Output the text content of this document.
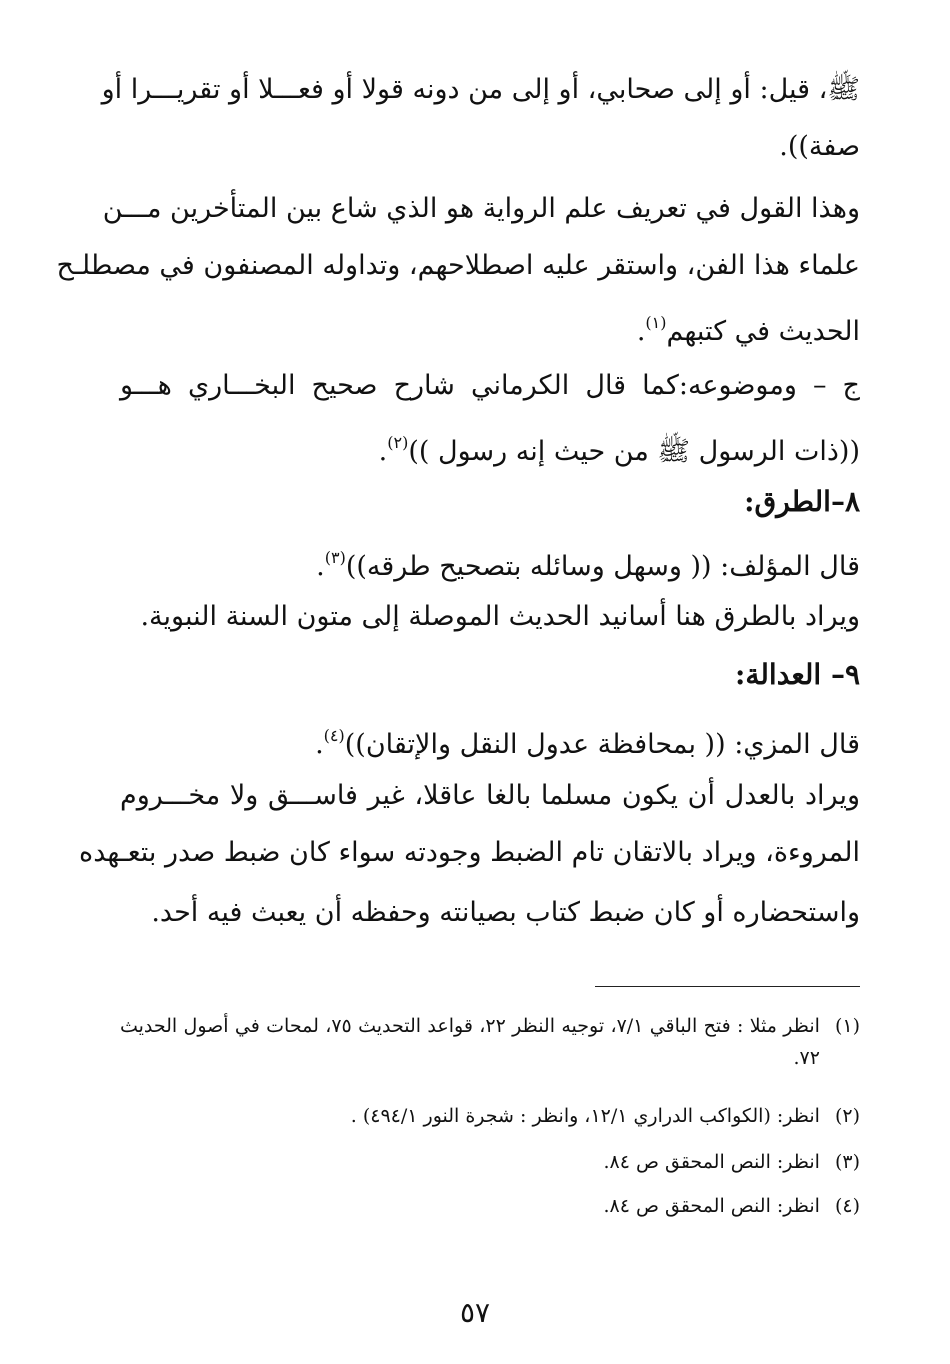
ﷺ، قيل: أو إلى صحابي، أو إلى من دونه قولا أو فعـــلا أو تقريـــرا أو
صفة)).
وهذا القول في تعريف علم الرواية هو الذي شاع بين المتأخرين مـــن
علماء هذا الفن، واستقر عليه اصطلاحهم، وتداوله المصنفون في مصطلـح
الحديث في كتبهم$^{(١)}$.
ج – وموضوعه:كما قال الكرماني شارح صحيح البخـــاري هـــو
((ذات الرسول ﷺ من حيث إنه رسول ))$^{(٢)}$.
٨–الطرق:
قال المؤلف: (( وسهل وسائله بتصحيح طرقه))$^{(٣)}$.
ويراد بالطرق هنا أسانيد الحديث الموصلة إلى متون السنة النبوية.
٩– العدالة:
قال المزي: (( بمحافظة عدول النقل والإتقان))$^{(٤)}$.
ويراد بالعدل أن يكون مسلما بالغا عاقلا، غير فاســـق ولا مخـــروم
المروءة، ويراد بالاتقان تام الضبط وجودته سواء كان ضبط صدر بتعـهده
واستحضاره أو كان ضبط كتاب بصيانته وحفظه أن يعبث فيه أحد.
(١) انظر مثلا : فتح الباقي ٧/١، توجيه النظر ٢٢، قواعد التحديث ٧٥، لمحات في أصول الحديث ٧٢.
(٢) انظر: (الكواكب الدراري ١٢/١، وانظر : شجرة النور ٤٩٤/١) .
(٣) انظر: النص المحقق ص ٨٤.
(٤) انظر: النص المحقق ص ٨٤.
٥٧
